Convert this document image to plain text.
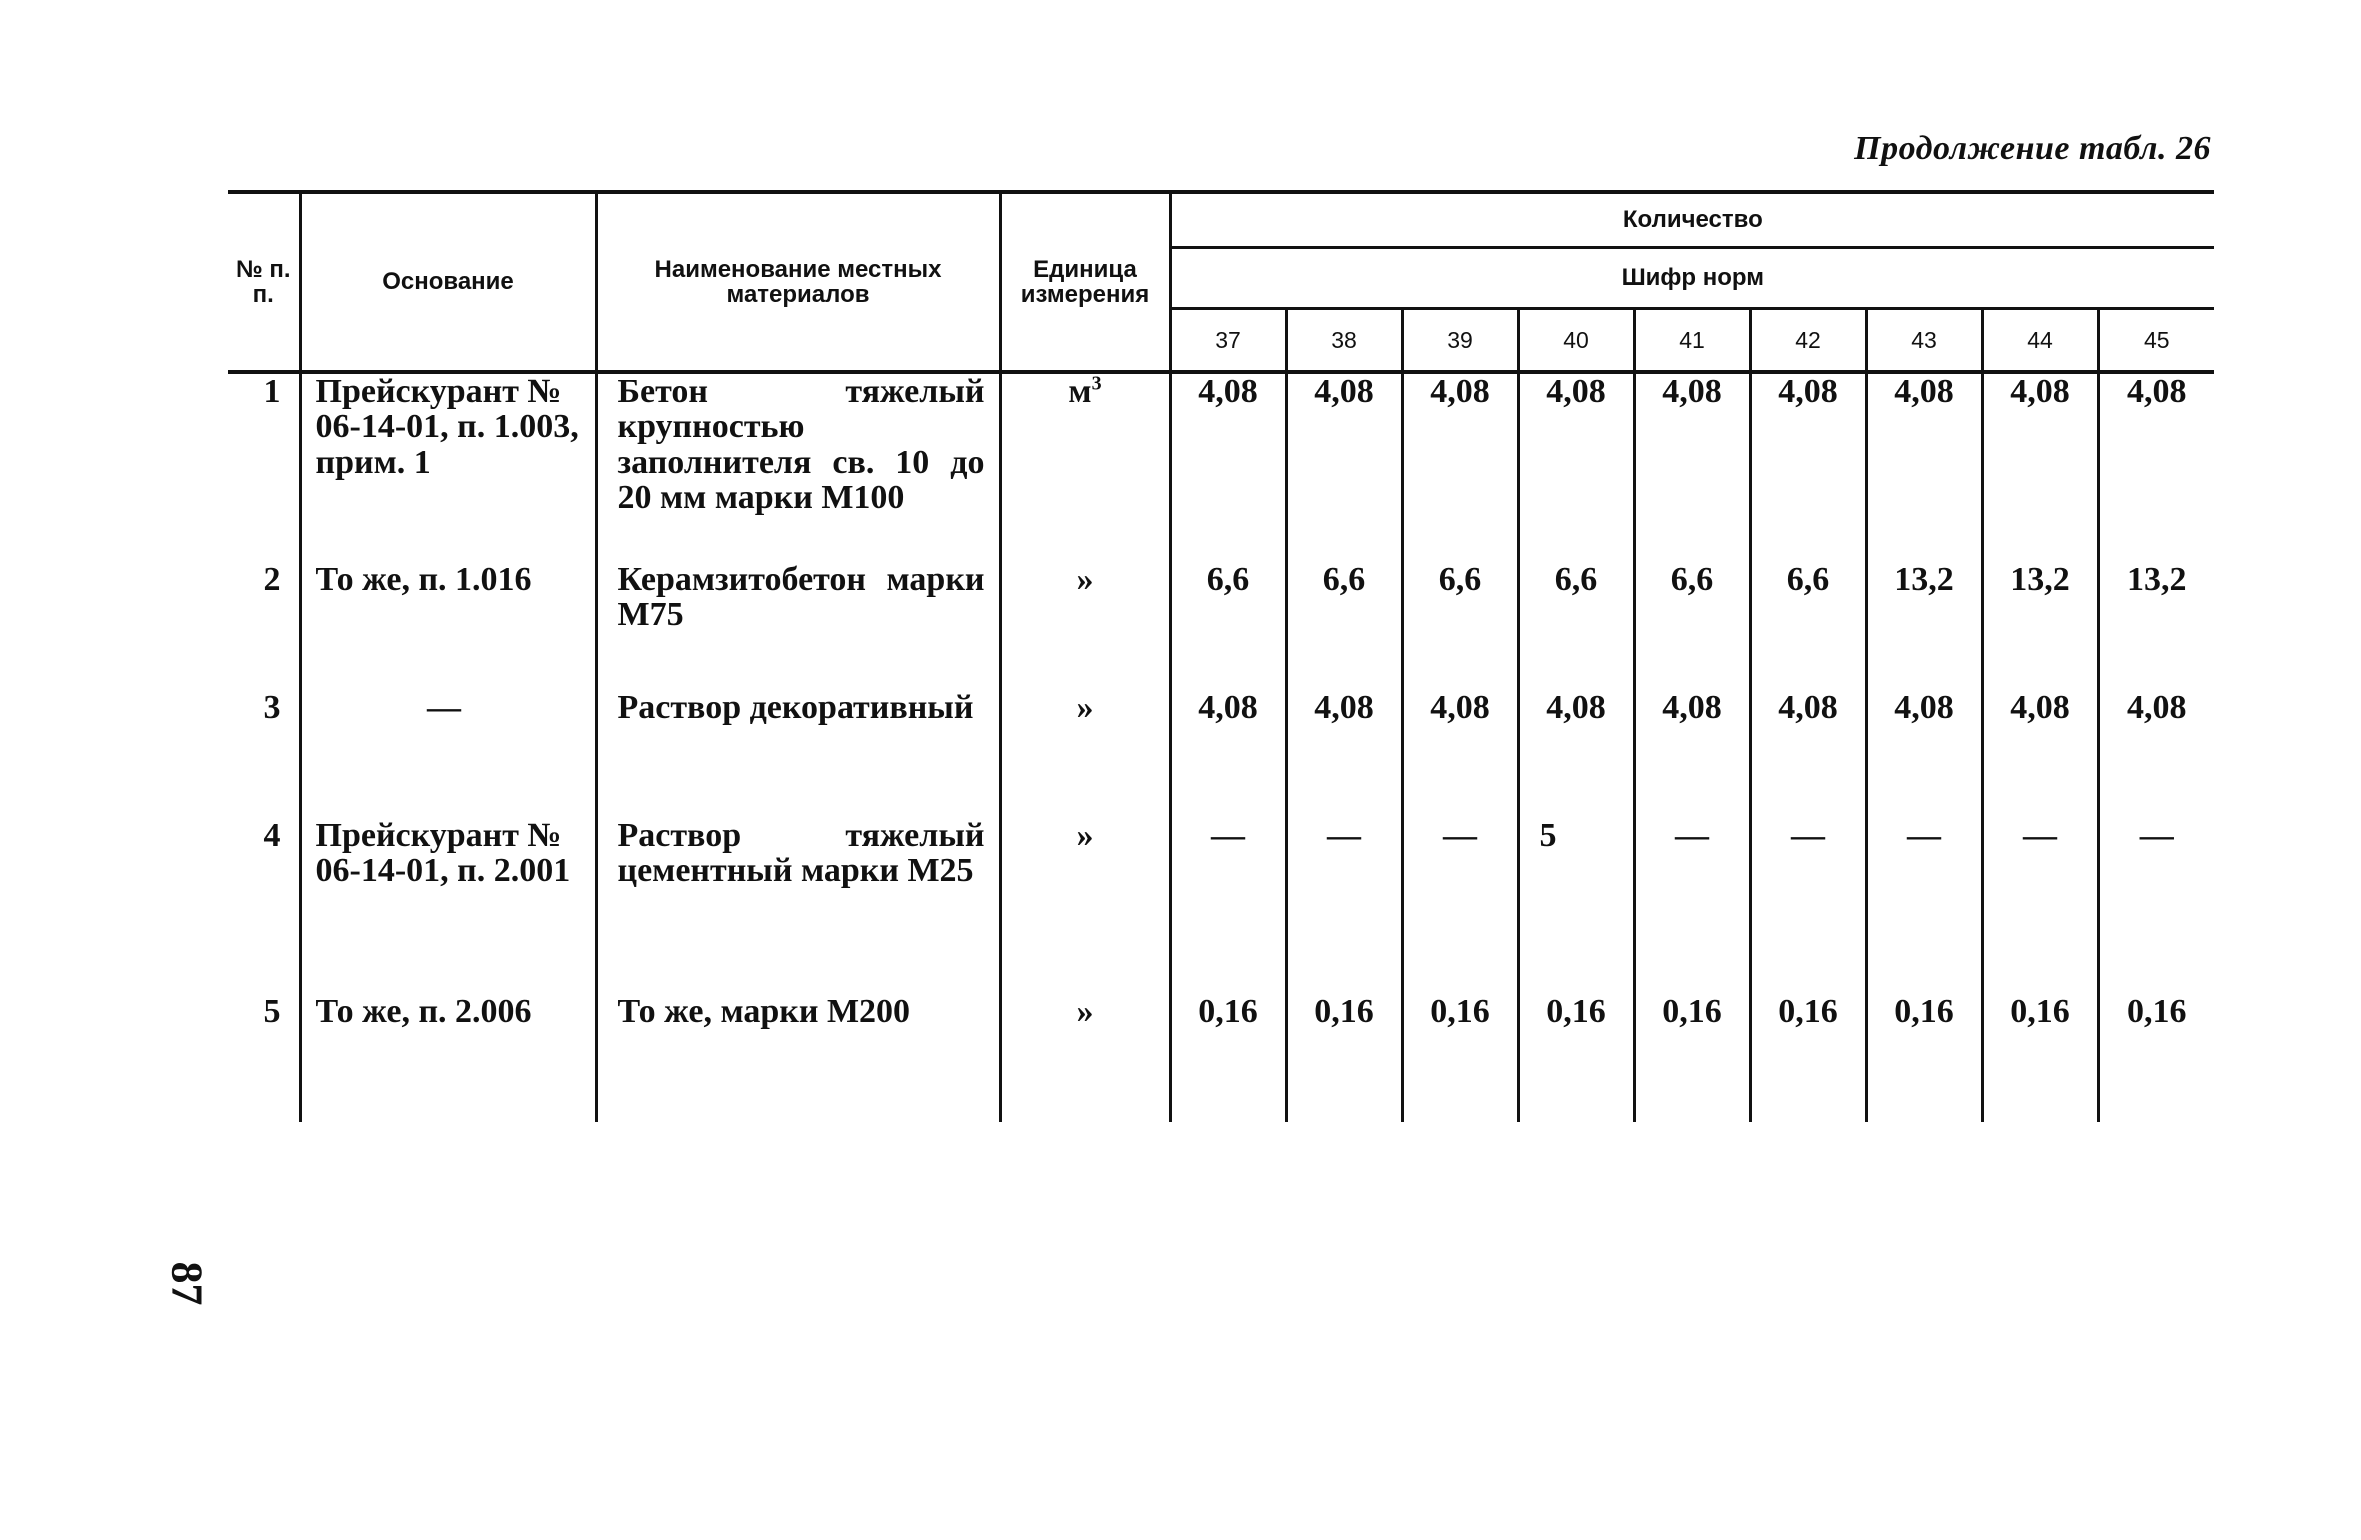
Продолжение табл. 26
87
№ п. п.	Основание	Наименование местных материалов	Единица измерения	Количество								
				Шифр норм								
				37	38	39	40	41	42	43	44	45
1	Прейскурант № 06-14-01, п. 1.003, прим. 1	Бетон тяжелый крупностью заполнителя св. 10 до 20 мм марки М100	$м^3$	4,08	4,08	4,08	4,08	4,08	4,08	4,08	4,08	4,08
2	То же, п. 1.016	Керамзитобетон марки М75	»	6,6	6,6	6,6	6,6	6,6	6,6	13,2	13,2	13,2
3	—	Раствор декоративный	»	4,08	4,08	4,08	4,08	4,08	4,08	4,08	4,08	4,08
4	Прейскурант № 06-14-01, п. 2.001	Раствор тяжелый цементный марки М25	»	—	—	—	5	—	—	—	—	—
5	То же, п. 2.006	То же, марки М200	»	0,16	0,16	0,16	0,16	0,16	0,16	0,16	0,16	0,16
